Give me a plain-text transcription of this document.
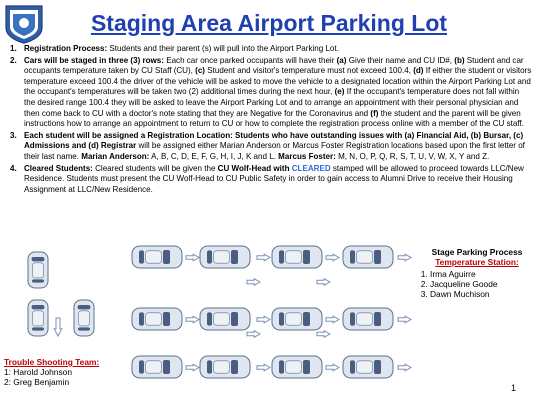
Staging Area Airport Parking Lot
1. Registration Process: Students and their parent (s) will pull into the Airport Parking Lot.
2. Cars will be staged in three (3) rows: Each car once parked occupants will have their (a) Give their name and CU ID#, (b) Student and car occupants temperature taken by CU Staff (CU), (c) Student and visitor's temperature must not exceed 100.4, (d) If either the student or visitors temperature exceed 100.4 the driver of the vehicle will be asked to move the vehicle to a designated location within the Airport Parking Lot and the occupant's temperatures will be taken two (2) additional times during the next hour, (e) If the occupant's temperature does not fall within the desired range 100.4 they will be asked to leave the Airport Parking Lot and to arrange an appointment with their personal physician and then come back to CU with a doctor's note stating that they are Negative for the Coronavirus and (f) the student and the parent will be given instructions how to arrange an appointment to return to CU or how to complete the registration process online with a member of the CU staff.
3. Each student will be assigned a Registration Location: Students who have outstanding issues with (a) Financial Aid, (b) Bursar, (c) Admissions and (d) Registrar will be assigned either Marian Anderson or Marcus Foster Registration locations based upon the first letter of their last name. Marian Anderson: A, B, C, D, E, F, G, H, I, J, K and L. Marcus Foster: M, N, O, P, Q, R, S, T, U, V, W, X, Y and Z.
4. Cleared Students: Cleared students will be given the CU Wolf-Head with CLEARED stamped will be allowed to proceed towards LLC/New Residence. Students must present the CU Wolf-Head to CU Public Safety in order to gain access to Alumni Drive to receive their Housing Assignment at LLC/New Residence.
Stage Parking Process
Temperature Station:
1. Irma Aguirre
2. Jacqueline Goode
3. Dawn Muchison
Trouble Shooting Team:
1: Harold Johnson
2: Greg Benjamin
1
